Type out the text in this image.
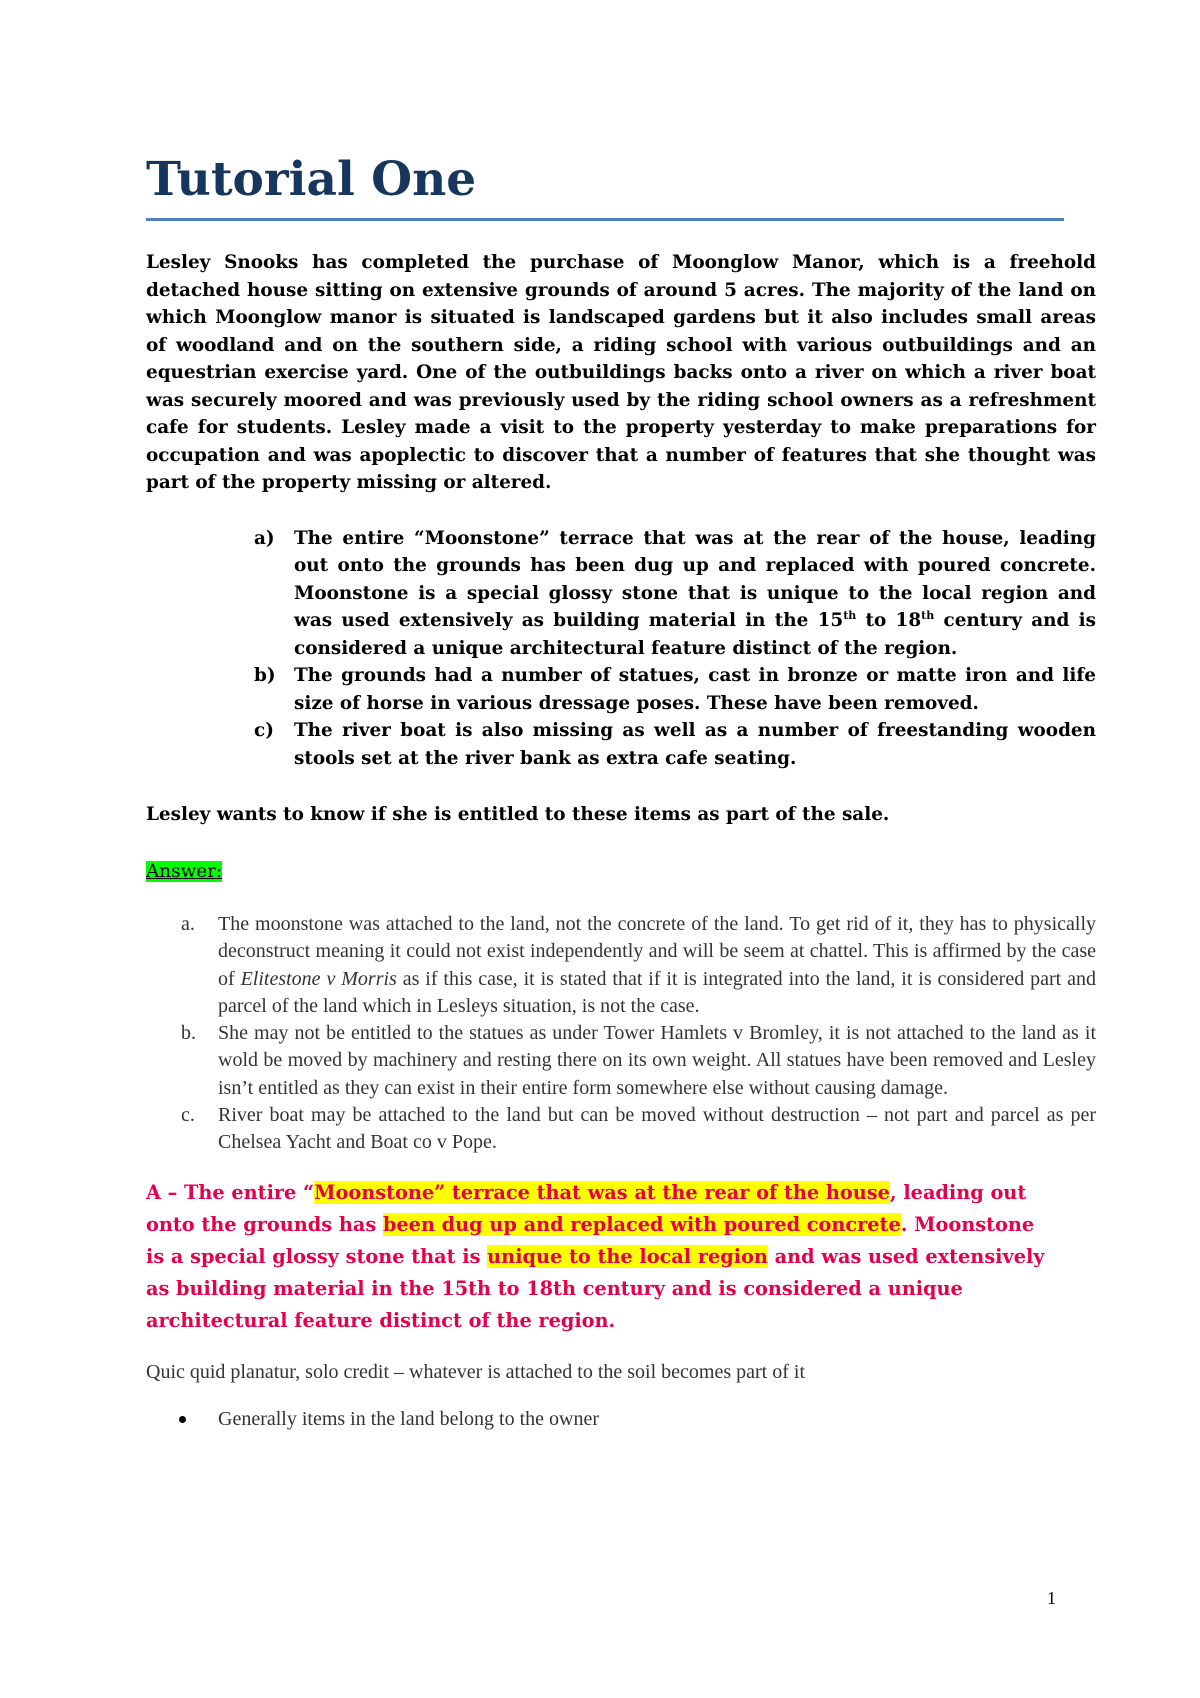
Tutorial One

Lesley Snooks has completed the purchase of Moonglow Manor, which is a freehold detached house sitting on extensive grounds of around 5 acres. The majority of the land on which Moonglow manor is situated is landscaped gardens but it also includes small areas of woodland and on the southern side, a riding school with various outbuildings and an equestrian exercise yard. One of the outbuildings backs onto a river on which a river boat was securely moored and was previously used by the riding school owners as a refreshment cafe for students. Lesley made a visit to the property yesterday to make preparations for occupation and was apoplectic to discover that a number of features that she thought was part of the property missing or altered.

a) The entire “Moonstone” terrace that was at the rear of the house, leading out onto the grounds has been dug up and replaced with poured concrete. Moonstone is a special glossy stone that is unique to the local region and was used extensively as building material in the 15th to 18th century and is considered a unique architectural feature distinct of the region.
b) The grounds had a number of statues, cast in bronze or matte iron and life size of horse in various dressage poses. These have been removed.
c) The river boat is also missing as well as a number of freestanding wooden stools set at the river bank as extra cafe seating.

Lesley wants to know if she is entitled to these items as part of the sale.

Answer:
a. The moonstone was attached to the land, not the concrete of the land. To get rid of it, they has to physically deconstruct meaning it could not exist independently and will be seem at chattel. This is affirmed by the case of Elitestone v Morris as if this case, it is stated that if it is integrated into the land, it is considered part and parcel of the land which in Lesleys situation, is not the case.
b. She may not be entitled to the statues as under Tower Hamlets v Bromley, it is not attached to the land as it wold be moved by machinery and resting there on its own weight. All statues have been removed and Lesley isn’t entitled as they can exist in their entire form somewhere else without causing damage.
c. River boat may be attached to the land but can be moved without destruction – not part and parcel as per Chelsea Yacht and Boat co v Pope.
A – The entire “Moonstone” terrace that was at the rear of the house, leading out onto the grounds has been dug up and replaced with poured concrete. Moonstone is a special glossy stone that is unique to the local region and was used extensively as building material in the 15th to 18th century and is considered a unique architectural feature distinct of the region.
Quic quid planatur, solo credit – whatever is attached to the soil becomes part of it
Generally items in the land belong to the owner
1
